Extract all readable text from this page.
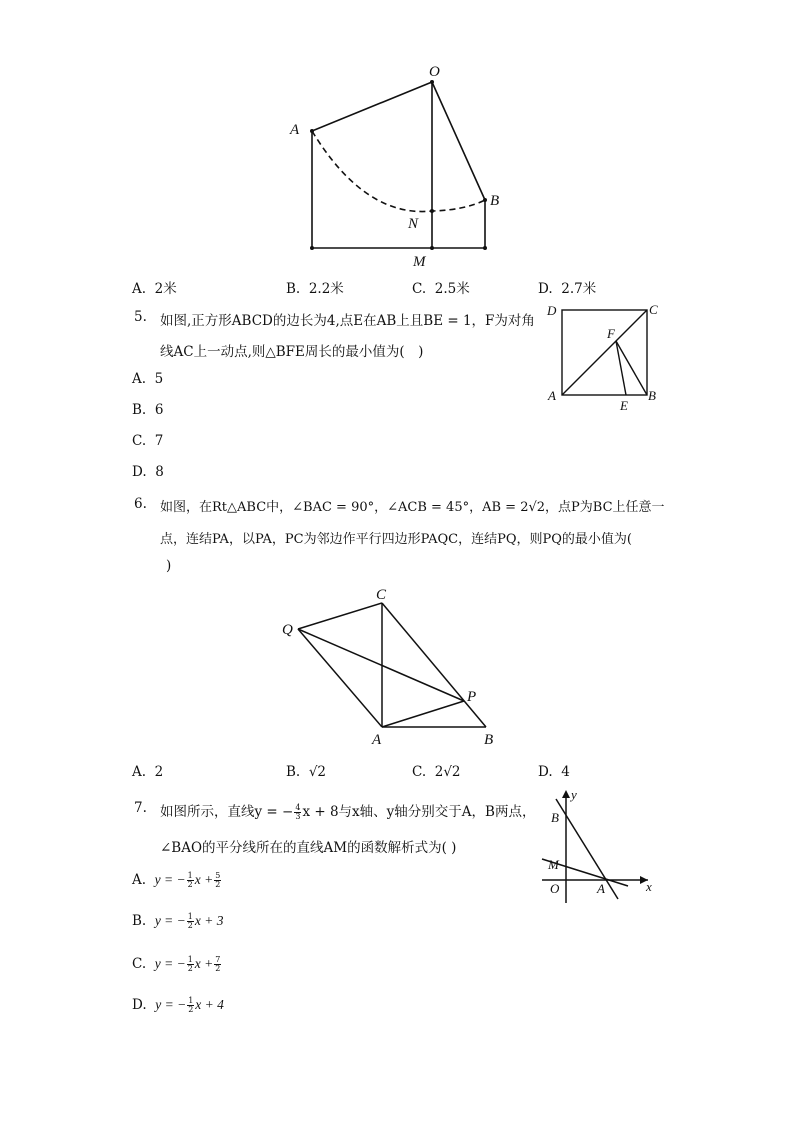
O
A
B
N
M
A. 2米	B. 2.2米	C. 2.5米	D. 2.7米
5. 如图,正方形ABCD的边长为4,点E在AB上且BE = 1，F为对角
线AC上一动点,则△BFE周长的最小值为(　)
D	C
F
A
E
B
A. 5
B. 6
C. 7
D. 8
6. 如图，在Rt△ABC中，∠BAC = 90°，∠ACB = 45°，AB = 2√2，点P为BC上任意一
点，连结PA，以PA，PC为邻边作平行四边形PAQC，连结PQ，则PQ的最小值为(
)
C
Q
P
A	B
A. 2	B. √2	C. 2√2	D. 4
7. 如图所示，直线y = − $\frac{4}{3}$ x + 8与x轴、y轴分别交于A，B两点，
∠BAO的平分线所在的直线AM的函数解析式为( )
y
B
M
O	A	x
A. y = − $\frac{1}{2}$ $x + \frac{5}{2}$
B. y = − $\frac{1}{2}$ x + 3
C. y = − $\frac{1}{2}$ $x + \frac{7}{2}$
D. y = − $\frac{1}{2}$ x + 4
